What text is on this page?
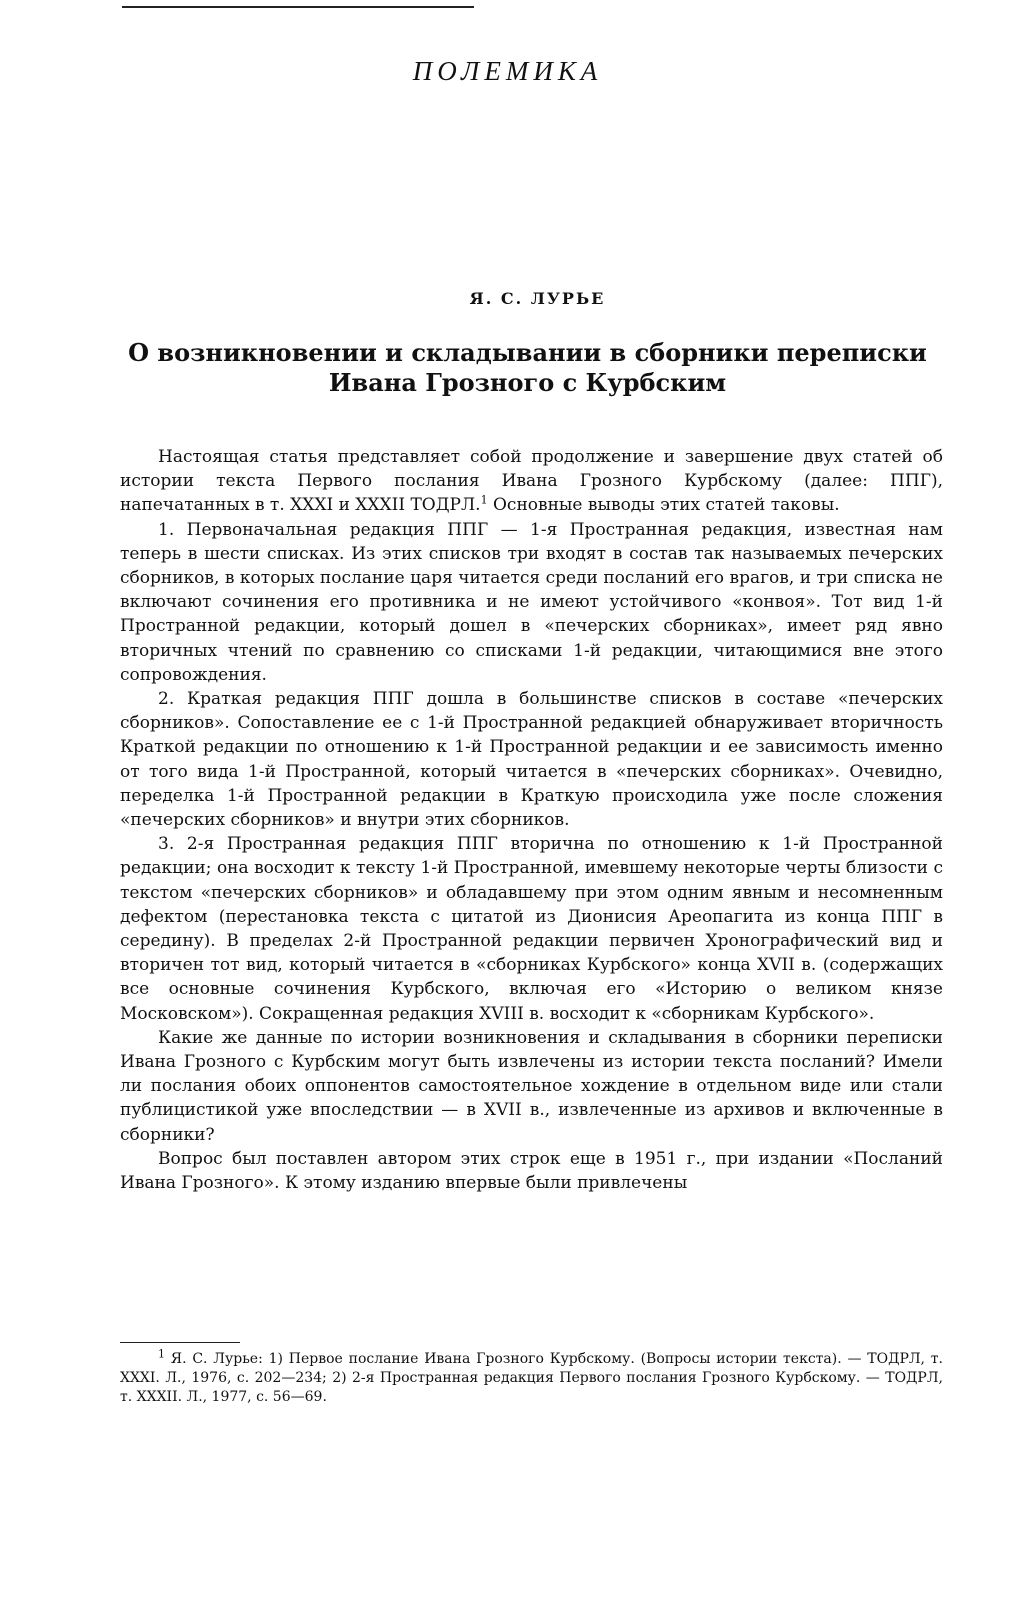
ПОЛЕМИКА
Я. С. ЛУРЬЕ
О возникновении и складывании в сборники переписки
Ивана Грозного с Курбским

Настоящая статья представляет собой продолжение и завершение двух статей об истории текста Первого послания Ивана Грозного Курбскому (далее: ППГ), напечатанных в т. XXXI и XXXII ТОДРЛ.$^1$ Основные выводы этих статей таковы.

1. Первоначальная редакция ППГ — 1-я Пространная редакция, известная нам теперь в шести списках. Из этих списков три входят в состав так называемых печерских сборников, в которых послание царя читается среди посланий его врагов, и три списка не включают сочинения его противника и не имеют устойчивого «конвоя». Тот вид 1-й Пространной редакции, который дошел в «печерских сборниках», имеет ряд явно вторичных чтений по сравнению со списками 1-й редакции, читающимися вне этого сопровождения.

2. Краткая редакция ППГ дошла в большинстве списков в составе «печерских сборников». Сопоставление ее с 1-й Пространной редакцией обнаруживает вторичность Краткой редакции по отношению к 1-й Пространной редакции и ее зависимость именно от того вида 1-й Пространной, который читается в «печерских сборниках». Очевидно, переделка 1-й Пространной редакции в Краткую происходила уже после сложения «печерских сборников» и внутри этих сборников.

3. 2-я Пространная редакция ППГ вторична по отношению к 1-й Пространной редакции; она восходит к тексту 1-й Пространной, имевшему некоторые черты близости с текстом «печерских сборников» и обладавшему при этом одним явным и несомненным дефектом (перестановка текста с цитатой из Дионисия Ареопагита из конца ППГ в середину). В пределах 2-й Пространной редакции первичен Хронографический вид и вторичен тот вид, который читается в «сборниках Курбского» конца XVII в. (содержащих все основные сочинения Курбского, включая его «Историю о великом князе Московском»). Сокращенная редакция XVIII в. восходит к «сборникам Курбского».

Какие же данные по истории возникновения и складывания в сборники переписки Ивана Грозного с Курбским могут быть извлечены из истории текста посланий? Имели ли послания обоих оппонентов самостоятельное хождение в отдельном виде или стали публицистикой уже впоследствии — в XVII в., извлеченные из архивов и включенные в сборники?

Вопрос был поставлен автором этих строк еще в 1951 г., при издании «Посланий Ивана Грозного». К этому изданию впервые были привлечены

$^1$ Я. С. Лурье: 1) Первое послание Ивана Грозного Курбскому. (Вопросы истории текста). — ТОДРЛ, т. XXXI. Л., 1976, с. 202—234; 2) 2-я Пространная редакция Первого послания Грозного Курбскому. — ТОДРЛ, т. XXXII. Л., 1977, с. 56—69.
